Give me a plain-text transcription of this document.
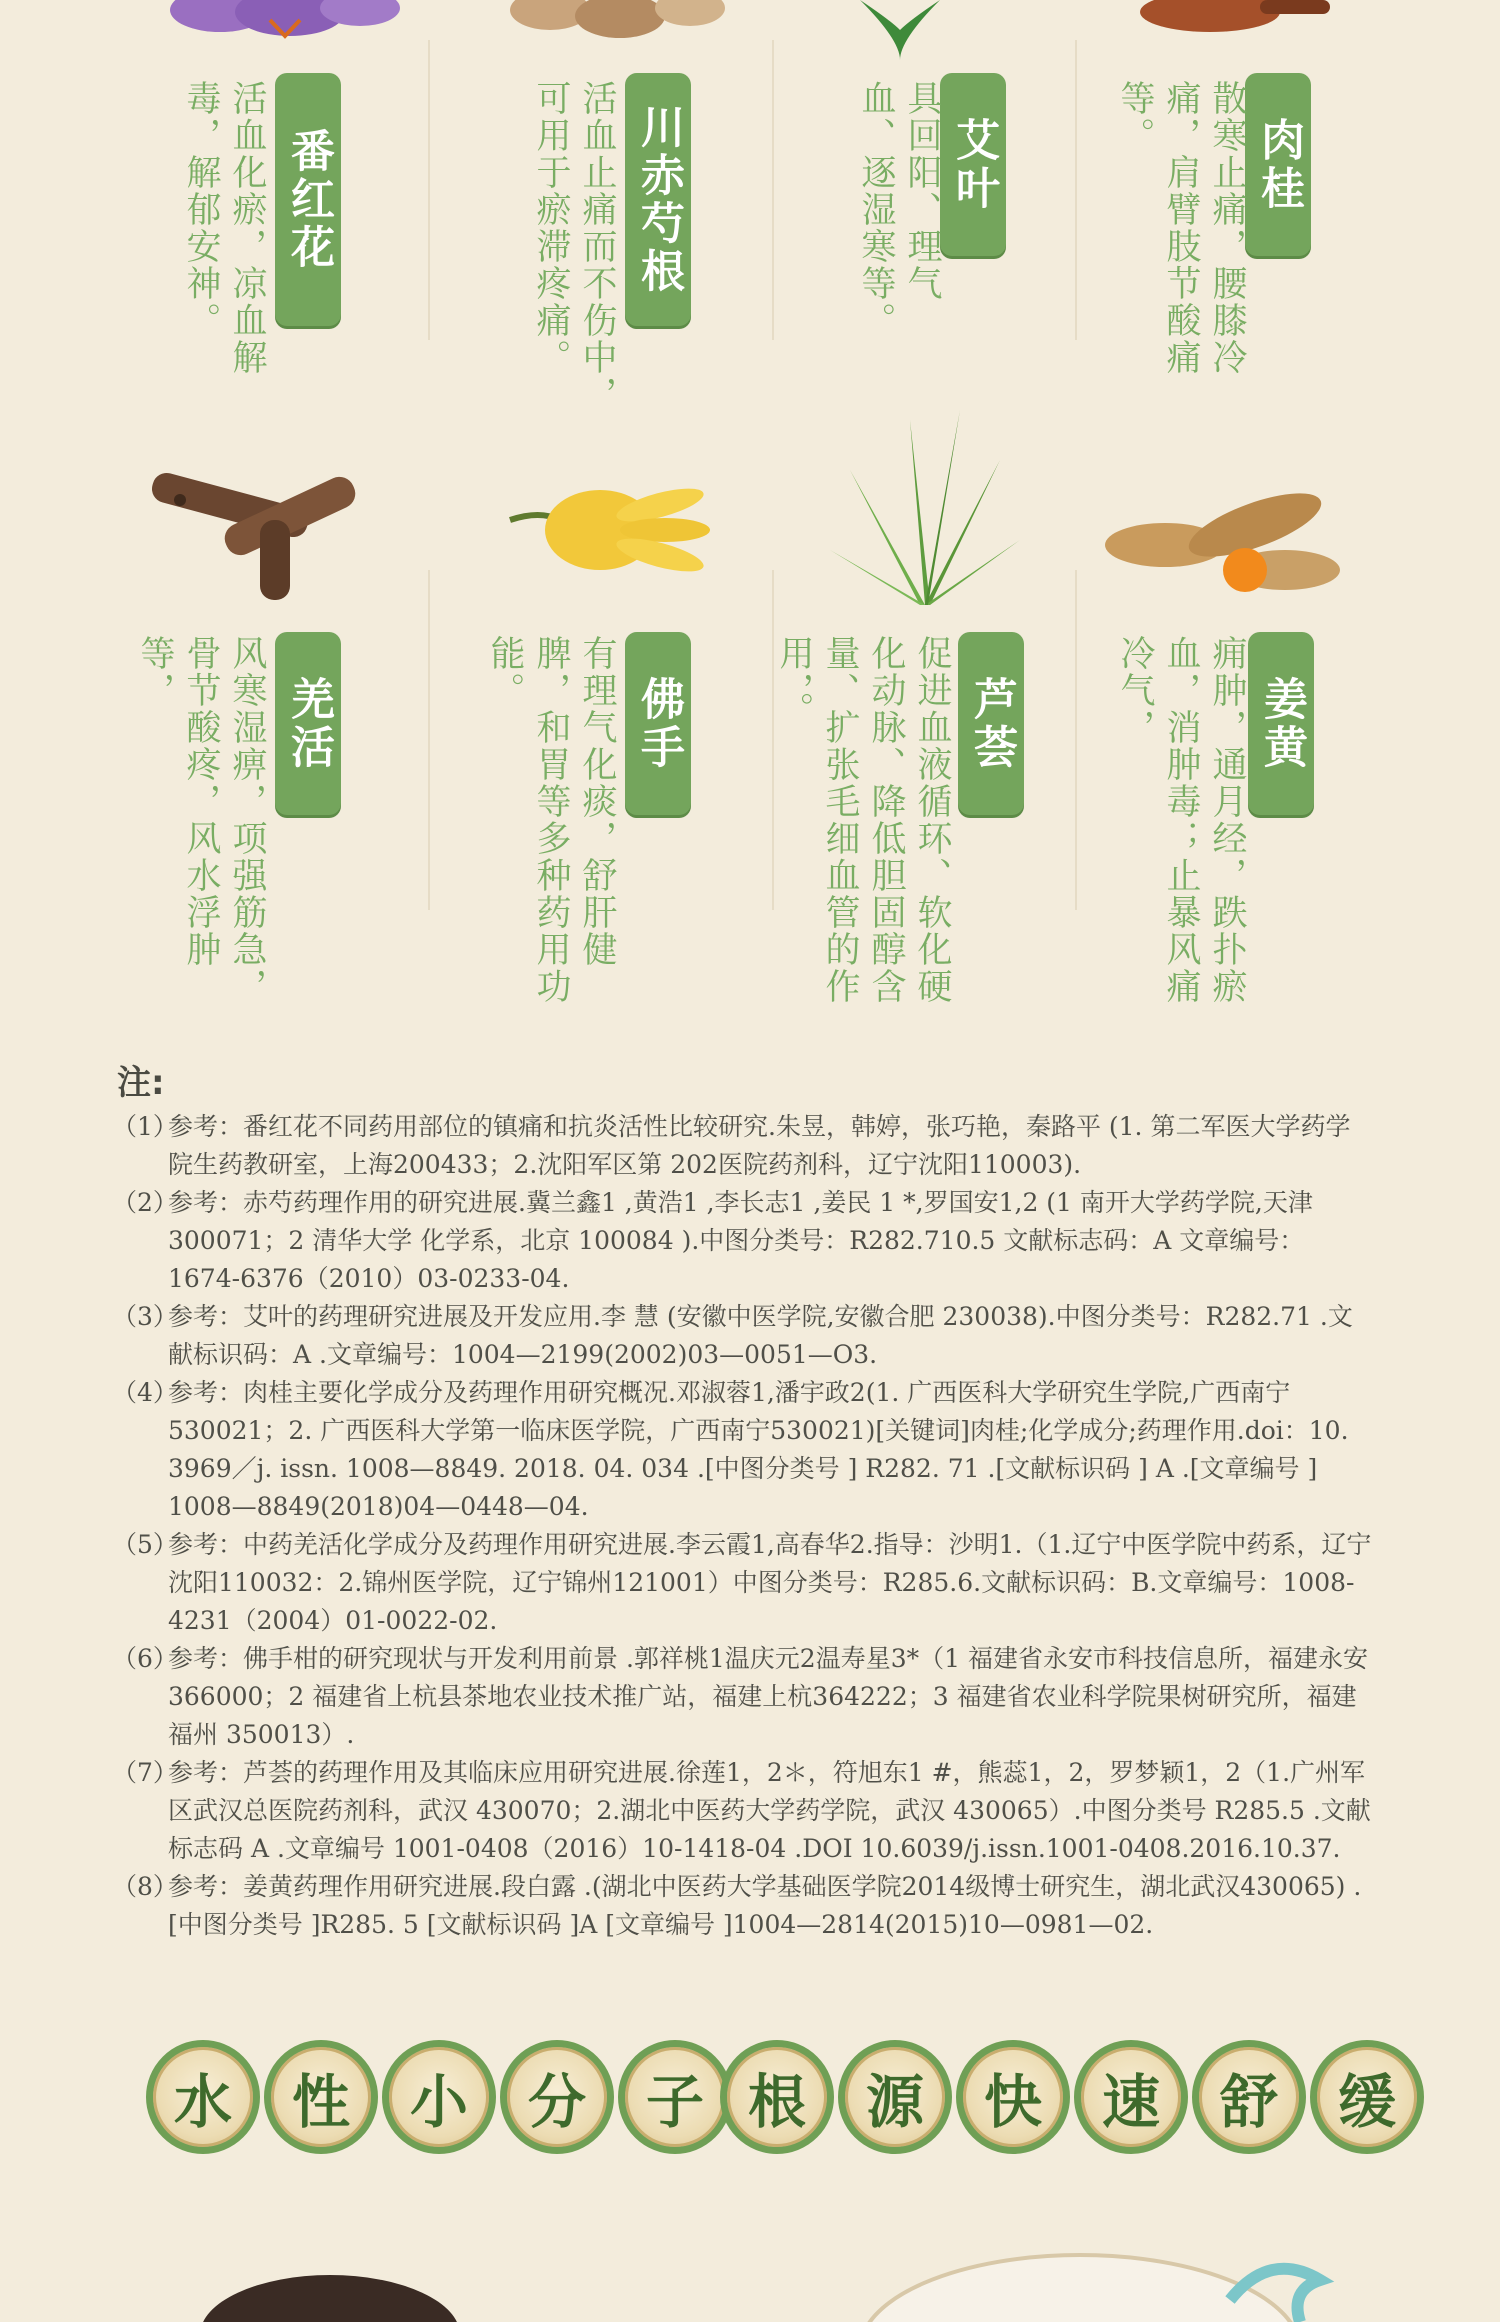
番红花
活血化瘀，凉血解毒，解郁安神。	川赤芍根
活血止痛而不伤中，可用于瘀滞疼痛。	艾叶
具回阳、理气血、逐湿寒等。	肉桂
散寒止痛，腰膝冷痛，肩臂肢节酸痛等。
羌活
风寒湿痹，项强筋急，骨节酸疼，风水浮肿等，
佛手
有理气化痰，舒肝健脾，和胃等多种药用功能。
芦荟
促进血液循环、软化硬化动脉、降低胆固醇含量、扩张毛细血管的作用，。	姜黄
痈肿，通月经，跌扑瘀血，消肿毒；止暴风痛冷气，
注:

（1）
参考：番红花不同药用部位的镇痛和抗炎活性比较研究.朱昱，韩婷，张巧艳，秦路平 (1. 第二军医大学药学院生药教研室，上海200433；2.沈阳军区第 202医院药剂科，辽宁沈阳110003).

（2）
参考：赤芍药理作用的研究进展.冀兰鑫1 ,黄浩1 ,李长志1 ,姜民 1 *,罗国安1,2 (1 南开大学药学院,天津 300071；2 清华大学 化学系，北京 100084 ).中图分类号：R282.710.5 文献标志码：A 文章编号：1674-6376（2010）03-0233-04.

（3）
参考：艾叶的药理研究进展及开发应用.李 慧 (安徽中医学院,安徽合肥 230038).中图分类号：R282.71 .文献标识码：A .文章编号：1004—2199(2002)03—0051—O3.

（4）
参考：肉桂主要化学成分及药理作用研究概况.邓淑蓉1,潘宇政2(1. 广西医科大学研究生学院,广西南宁 530021；2. 广西医科大学第一临床医学院，广西南宁530021)[关键词]肉桂;化学成分;药理作用.doi：10. 3969／j. issn. 1008—8849. 2018. 04. 034 .[中图分类号 ] R282. 71 .[文献标识码 ] A .[文章编号 ] 1008—8849(2018)04—0448—04.

（5）
参考：中药羌活化学成分及药理作用研究进展.李云霞1,高春华2.指导：沙明1.（1.辽宁中医学院中药系，辽宁 沈阳110032：2.锦州医学院，辽宁锦州121001）中图分类号：R285.6.文献标识码：B.文章编号：1008-4231（2004）01-0022-02.

（6）
参考：佛手柑的研究现状与开发利用前景 .郭祥桃1温庆元2温寿星3*（1 福建省永安市科技信息所，福建永安 366000；2 福建省上杭县茶地农业技术推广站，福建上杭364222；3 福建省农业科学院果树研究所，福建福州 350013）.

（7）
参考：芦荟的药理作用及其临床应用研究进展.徐莲1，2＊，符旭东1 #，熊蕊1，2，罗梦颖1，2（1.广州军区武汉总医院药剂科，武汉 430070；2.湖北中医药大学药学院，武汉 430065）.中图分类号 R285.5 .文献标志码 A .文章编号 1001-0408（2016）10-1418-04 .DOI 10.6039/j.issn.1001-0408.2016.10.37.

（8）
参考：姜黄药理作用研究进展.段白露 .(湖北中医药大学基础医学院2014级博士研究生，湖北武汉430065) .[中图分类号 ]R285. 5 [文献标识码 ]A [文章编号 ]1004—2814(2015)10—0981—02.

水	性	小	分	子 根	源	快	速	舒	缓
